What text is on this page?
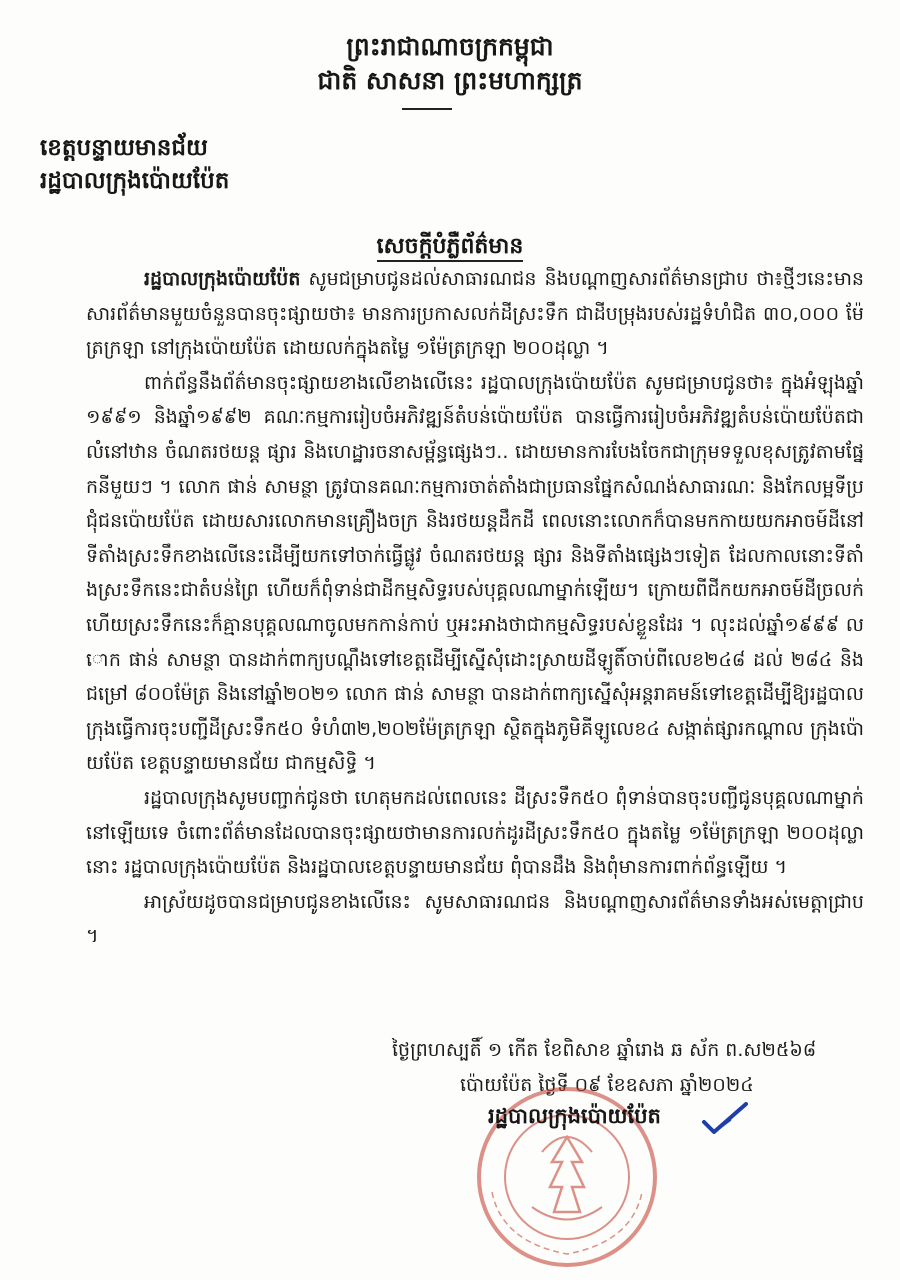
ព្រះរាជាណាចក្រកម្ពុជា
ជាតិ សាសនា ព្រះមហាក្សត្រ
ខេត្តបន្ទាយមានជ័យ
រដ្ឋបាលក្រុងប៉ោយប៉ែត
សេចក្តីបំភ្លឺព័ត៌មាន

រដ្ឋបាលក្រុងប៉ោយប៉ែត សូមជម្រាបជូនដល់សាធារណជន និងបណ្តាញសារព័ត៌មានជ្រាប ថា៖ថ្មីៗនេះមានសារព័ត៌មានមួយចំនួនបានចុះផ្សាយថា៖ មានការប្រកាសលក់ដីស្រះទឹក ជាដីបម្រុងរបស់រដ្ឋទំហំជិត ៣០,០០០ ម៉ែត្រក្រឡា នៅក្រុងប៉ោយប៉ែត ដោយលក់ក្នុងតម្លៃ ១ម៉ែត្រក្រឡា ២០០ដុល្លា ។

ពាក់ព័ន្ធនឹងព័ត៌មានចុះផ្សាយខាងលើខាងលើនេះ រដ្ឋបាលក្រុងប៉ោយប៉ែត សូមជម្រាបជូនថា៖ ក្នុងអំឡុងឆ្នាំ១៩៩១ និងឆ្នាំ១៩៩២ គណៈកម្មការរៀបចំអភិវឌ្ឍន៍តំបន់ប៉ោយប៉ែត បានធ្វើការរៀបចំអភិវឌ្ឍតំបន់ប៉ោយប៉ែតជាលំនៅឋាន ចំណតរថយន្ត ផ្សារ និងហេដ្ឋារចនាសម្ព័ន្ធផ្សេងៗ.. ដោយមានការបែងចែកជាក្រុមទទួលខុសត្រូវតាមផ្នែកនីមួយៗ ។ លោក ផាន់ សាមន្ថា ត្រូវបានគណៈកម្មការចាត់តាំងជាប្រធានផ្នែកសំណង់សាធារណៈ និងកែលម្អទីប្រជុំជនប៉ោយប៉ែត ដោយសារលោកមានគ្រឿងចក្រ និងរថយន្តដឹកដី ពេលនោះលោកក៏បានមកកាយយកអាចម៍ដីនៅទីតាំងស្រះទឹកខាងលើនេះដើម្បីយកទៅចាក់ធ្វើផ្លូវ ចំណតរថយន្ត ផ្សារ និងទីតាំងផ្សេងៗទៀត ដែលកាលនោះទីតាំងស្រះទឹកនេះជាតំបន់ព្រៃ ហើយក៏ពុំទាន់ជាដីកម្មសិទ្ធរបស់បុគ្គលណាម្នាក់ឡើយ។ ក្រោយពីជីកយកអាចម៍ដីច្រលក់ហើយស្រះទឹកនេះក៏គ្មានបុគ្គលណាចូលមកកាន់កាប់ ឬអះអាងថាជាកម្មសិទ្ធរបស់ខ្លួនដែរ ។ លុះដល់ឆ្នាំ១៩៩៩ លោក ផាន់ សាមន្ថា បានដាក់ពាក្យបណ្តឹងទៅខេត្តដើម្បីស្នើសុំដោះស្រាយដីឡូតិ៍ចាប់ពីលេខ២៤៨ ដល់ ២៨៤ និងជម្រៅ ៨០០ម៉ែត្រ និងនៅឆ្នាំ២០២១ លោក ផាន់ សាមន្ថា បានដាក់ពាក្យស្នើសុំអន្តរាគមន៍ទៅខេត្តដើម្បីឱ្យរដ្ឋបាលក្រុងធ្វើការចុះបញ្ជីដីស្រះទឹក៥០ ទំហំ៣២,២០២ម៉ែត្រក្រឡា ស្ថិតក្នុងភូមិគីឡូលេខ៤ សង្កាត់ផ្សារកណ្តាល ក្រុងប៉ោយប៉ែត ខេត្តបន្ទាយមានជ័យ ជាកម្មសិទ្ធិ ។

រដ្ឋបាលក្រុងសូមបញ្ជាក់ជូនថា ហេតុមកដល់ពេលនេះ ដីស្រះទឹក៥០ ពុំទាន់បានចុះបញ្ជីជូនបុគ្គលណាម្នាក់នៅឡើយទេ ចំពោះព័ត៌មានដែលបានចុះផ្សាយថាមានការលក់ដូរដីស្រះទឹក៥០ ក្នុងតម្លៃ ១ម៉ែត្រក្រឡា ២០០ដុល្លានោះ រដ្ឋបាលក្រុងប៉ោយប៉ែត និងរដ្ឋបាលខេត្តបន្ទាយមានជ័យ ពុំបានដឹង និងពុំមានការពាក់ព័ន្ធឡើយ ។

អាស្រ័យដូចបានជម្រាបជូនខាងលើនេះ សូមសាធារណជន និងបណ្តាញសារព័ត៌មានទាំងអស់មេត្តាជ្រាប ។

ថ្ងៃព្រហស្បតិ៍ ១ កើត ខែពិសាខ ឆ្នាំរោង ឆ ស័ក ព.ស២៥៦៨
ប៉ោយប៉ែត ថ្ងៃទី ០៩ ខែឧសភា ឆ្នាំ២០២៤
រដ្ឋបាលក្រុងប៉ោយប៉ែត
